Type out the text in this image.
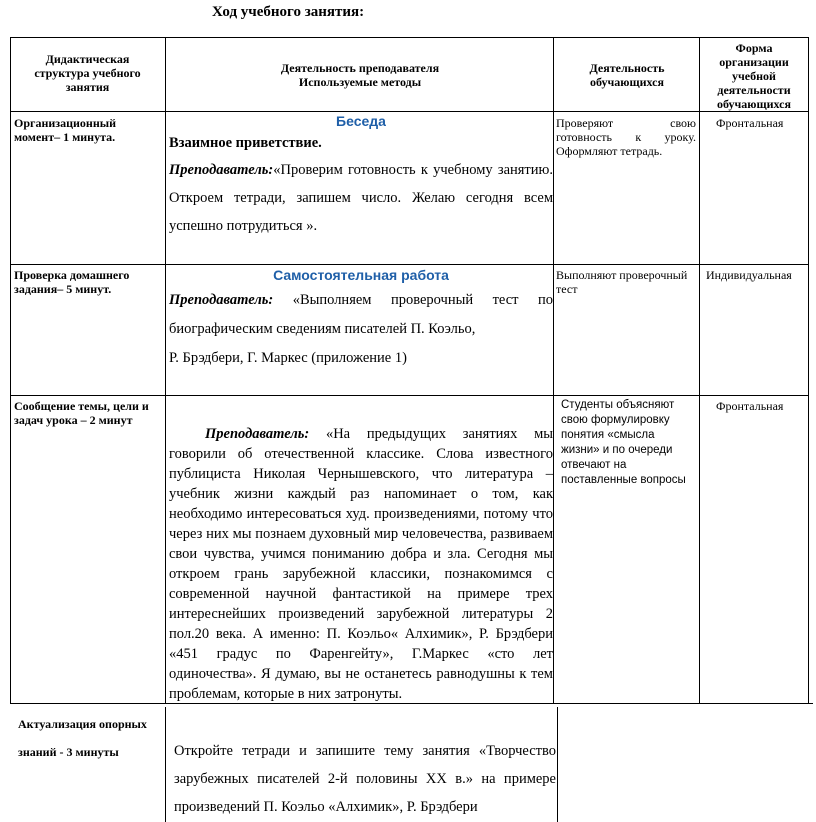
Ход учебного занятия:
Дидактическая структура учебного занятия
Деятельность преподавателя
Используемые методы
Деятельность обучающихся
Форма организации учебной деятельности обучающихся
Организационный момент– 1 минута.
Беседа
Взаимное приветствие.
Преподаватель:«Проверим готовность к учебному занятию. Откроем тетради, запишем число. Желаю сегодня всем успешно потрудиться ».
Проверяют свою готовность к уроку. Оформляют тетрадь.
Фронтальная
Проверка домашнего задания– 5 минут.
Самостоятельная работа
Преподаватель: «Выполняем проверочный тест по биографическим сведениям писателей П. Коэльо,
Р. Брэдбери, Г. Маркес (приложение 1)
Выполняют проверочный тест
Индивидуальная
Сообщение темы, цели и задач урока – 2 минут
Преподаватель: «На предыдущих занятиях мы говорили об отечественной классике. Слова известного публициста Николая Чернышевского, что литература – учебник жизни каждый раз напоминает о том, как необходимо интересоваться худ. произведениями, потому что через них мы познаем духовный мир человечества, развиваем свои чувства, учимся пониманию добра и зла. Сегодня мы откроем грань зарубежной классики, познакомимся с современной научной фантастикой на примере трех интереснейших произведений зарубежной литературы 2 пол.20 века. А именно: П. Коэльо« Алхимик», Р. Брэдбери «451 градус по Фаренгейту», Г.Маркес «сто лет одиночества». Я думаю, вы не останетесь равнодушны к тем проблемам, которые в них затронуты.
Студенты объясняют свою формулировку понятия «смысла жизни» и по очереди отвечают на поставленные вопросы
Фронтальная
Актуализация опорных знаний - 3 минуты	Откройте тетради и запишите тему занятия «Творчество зарубежных писателей 2-й половины XX в.» на примере произведений П. Коэльо «Алхимик», Р. Брэдбери
